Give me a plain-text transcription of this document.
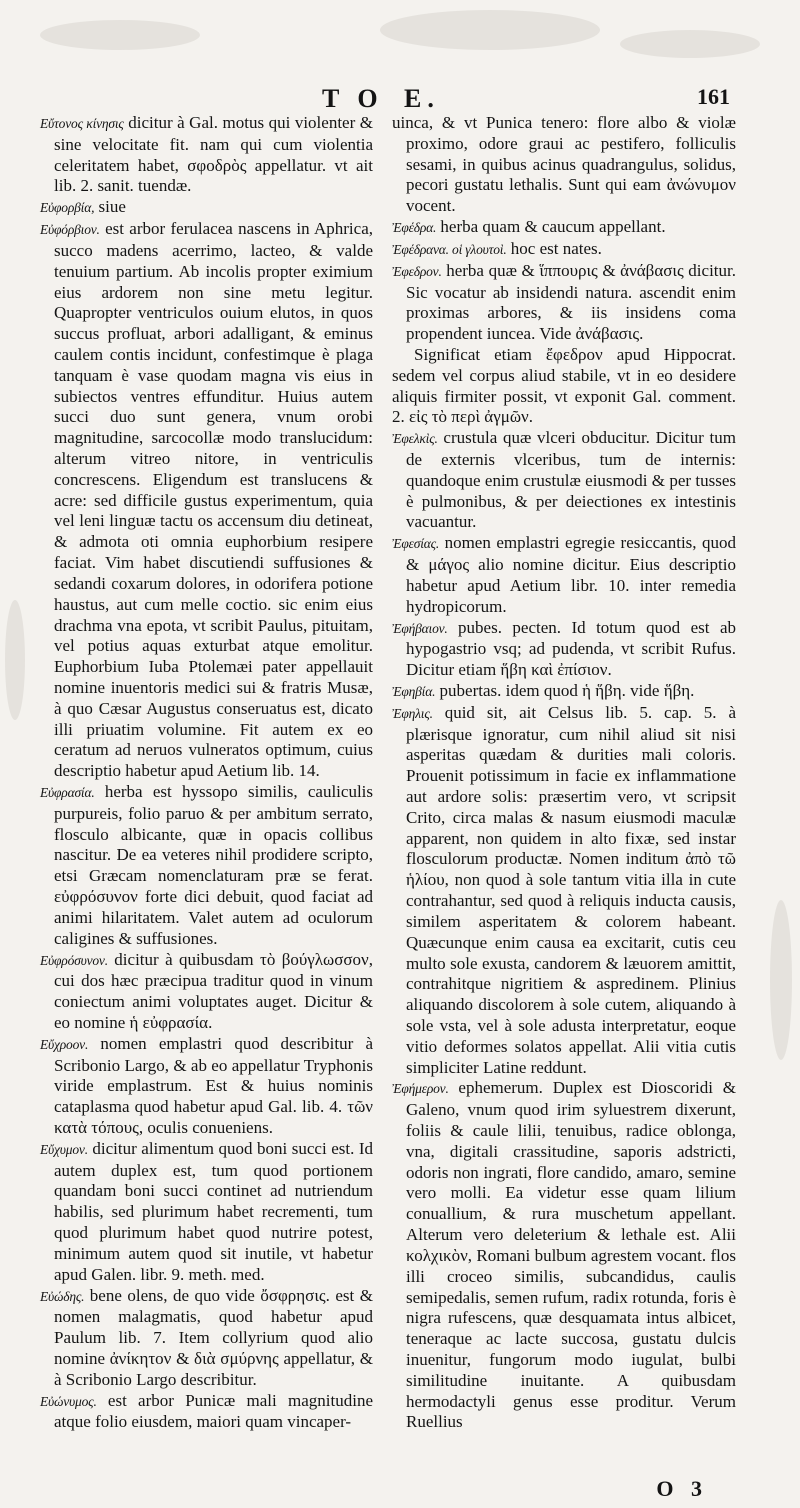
T O E.	161

Εὔτονος κίνησις dicitur à Gal. motus qui violenter & sine velocitate fit. nam qui cum violentia celeritatem habet, σφοδρὸς appellatur. vt ait lib. 2. sanit. tuendæ.

Εὐφορβία, siue

Εὐφόρβιον. est arbor ferulacea nascens in Aphrica, succo madens acerrimo, lacteo, & valde tenuium partium. Ab incolis propter eximium eius ardorem non sine metu legitur. Quapropter ventriculos ouium elutos, in quos succus profluat, arbori adalligant, & eminus caulem contis incidunt, confestimque è plaga tanquam è vase quodam magna vis eius in subiectos ventres effunditur. Huius autem succi duo sunt genera, vnum orobi magnitudine, sarcocollæ modo translucidum: alterum vitreo nitore, in ventriculis concrescens. Eligendum est translucens & acre: sed difficile gustus experimentum, quia vel leni linguæ tactu os accensum diu detineat, & admota oti omnia euphorbium resipere faciat. Vim habet discutiendi suffusiones & sedandi coxarum dolores, in odorifera potione haustus, aut cum melle coctio. sic enim eius drachma vna epota, vt scribit Paulus, pituitam, vel potius aquas exturbat atque emolitur. Euphorbium Iuba Ptolemæi pater appellauit nomine inuentoris medici sui & fratris Musæ, à quo Cæsar Augustus conseruatus est, dicato illi priuatim volumine. Fit autem ex eo ceratum ad neruos vulneratos optimum, cuius descriptio habetur apud Aetium lib. 14.

Εὐφρασία. herba est hyssopo similis, cauliculis purpureis, folio paruo & per ambitum serrato, flosculo albicante, quæ in opacis collibus nascitur. De ea veteres nihil prodidere scripto, etsi Græcam nomenclaturam præ se ferat. εὐφρόσυνον forte dici debuit, quod faciat ad animi hilaritatem. Valet autem ad oculorum caligines & suffusiones.

Εὐφρόσυνον. dicitur à quibusdam τὸ βούγλωσσον, cui dos hæc præcipua traditur quod in vinum coniectum animi voluptates auget. Dicitur & eo nomine ἡ εὐφρασία.

Εὔχροον. nomen emplastri quod describitur à Scribonio Largo, & ab eo appellatur Tryphonis viride emplastrum. Est & huius nominis cataplasma quod habetur apud Gal. lib. 4. τῶν κατὰ τόπους, oculis conueniens.

Εὔχυμον. dicitur alimentum quod boni succi est. Id autem duplex est, tum quod portionem quandam boni succi continet ad nutriendum habilis, sed plurimum habet recrementi, tum quod plurimum habet quod nutrire potest, minimum autem quod sit inutile, vt habetur apud Galen. libr. 9. meth. med.

Εὐώδης. bene olens, de quo vide ὄσφρησις. est & nomen malagmatis, quod habetur apud Paulum lib. 7. Item collyrium quod alio nomine ἀνίκητον & διὰ σμύρνης appellatur, & à Scribonio Largo describitur.

Εὐώνυμος. est arbor Punicæ mali magnitudine atque folio eiusdem, maiori quam vincaper-

uinca, & vt Punica tenero: flore albo & violæ proximo, odore graui ac pestifero, folliculis sesami, in quibus acinus quadrangulus, solidus, pecori gustatu lethalis. Sunt qui eam ἀνώνυμον vocent.

Ἐφέδρα. herba quam & caucum appellant.

Ἐφέδρανα. οἱ γλουτοὶ. hoc est nates.

Ἐφεδρον. herba quæ & ἵππουρις & ἀνάβασις dicitur. Sic vocatur ab insidendi natura. ascendit enim proximas arbores, & iis insidens coma propendent iuncea. Vide ἀνάβασις.

Significat etiam ἔφεδρον apud Hippocrat. sedem vel corpus aliud stabile, vt in eo desidere aliquis firmiter possit, vt exponit Gal. comment. 2. εἰς τὸ περὶ ἀγμῶν.

Ἐφελκὶς. crustula quæ vlceri obducitur. Dicitur tum de externis vlceribus, tum de internis: quandoque enim crustulæ eiusmodi & per tusses è pulmonibus, & per deiectiones ex intestinis vacuantur.

Ἐφεσίας. nomen emplastri egregie resiccantis, quod & μάγος alio nomine dicitur. Eius descriptio habetur apud Aetium libr. 10. inter remedia hydropicorum.

Ἐφήβαιον. pubes. pecten. Id totum quod est ab hypogastrio vsq; ad pudenda, vt scribit Rufus. Dicitur etiam ἥβη καὶ ἐπίσιον.

Ἐφηβία. pubertas. idem quod ἡ ἥβη. vide ἥβη.

Ἐφηλις. quid sit, ait Celsus lib. 5. cap. 5. à plærisque ignoratur, cum nihil aliud sit nisi asperitas quædam & durities mali coloris. Prouenit potissimum in facie ex inflammatione aut ardore solis: præsertim vero, vt scripsit Crito, circa malas & nasum eiusmodi maculæ apparent, non quidem in alto fixæ, sed instar flosculorum productæ. Nomen inditum ἀπὸ τῶ ἡλίου, non quod à sole tantum vitia illa in cute contrahantur, sed quod à reliquis inducta causis, similem asperitatem & colorem habeant. Quæcunque enim causa ea excitarit, cutis ceu multo sole exusta, candorem & læuorem amittit, contrahitque nigritiem & aspredinem. Plinius aliquando discolorem à sole cutem, aliquando à sole vsta, vel à sole adusta interpretatur, eoque vitio deformes solatos appellat. Alii vitia cutis simpliciter Latine reddunt.

Ἐφήμερον. ephemerum. Duplex est Dioscoridi & Galeno, vnum quod irim syluestrem dixerunt, foliis & caule lilii, tenuibus, radice oblonga, vna, digitali crassitudine, saporis adstricti, odoris non ingrati, flore candido, amaro, semine vero molli. Ea videtur esse quam lilium conuallium, & rura muschetum appellant. Alterum vero deleterium & lethale est. Alii κολχικὸν, Romani bulbum agrestem vocant. flos illi croceo similis, subcandidus, caulis semipedalis, semen rufum, radix rotunda, foris è nigra rufescens, quæ desquamata intus albicet, teneraque ac lacte succosa, gustatu dulcis inuenitur, fungorum modo iugulat, bulbi similitudine inuitante. A quibusdam hermodactyli genus esse proditur. Verum Ruellius

O 3
